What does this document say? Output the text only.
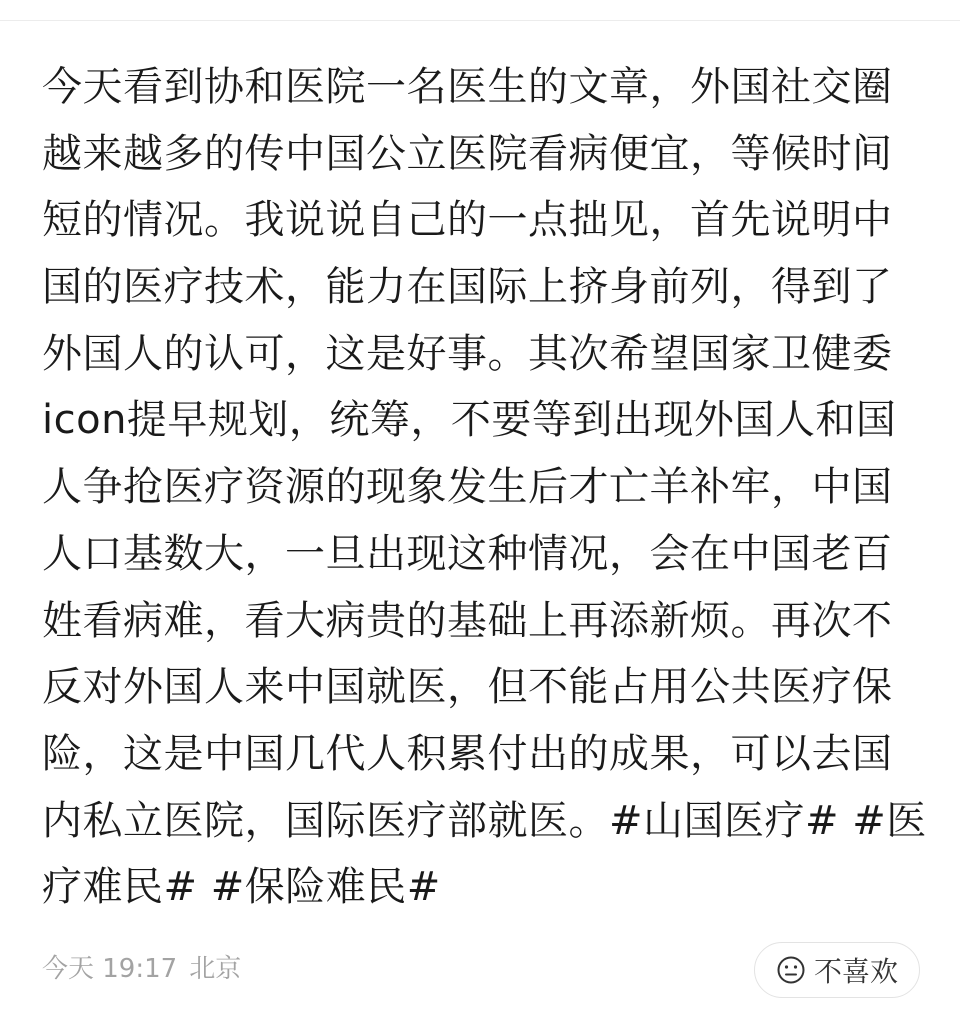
今天看到协和医院一名医生的文章，外国社交圈
越来越多的传中国公立医院看病便宜，等候时间
短的情况。我说说自己的一点拙见，首先说明中
国的医疗技术，能力在国际上挤身前列，得到了
外国人的认可，这是好事。其次希望国家卫健委
icon提早规划，统筹，不要等到出现外国人和国
人争抢医疗资源的现象发生后才亡羊补牢，中国
人口基数大，一旦出现这种情况，会在中国老百
姓看病难，看大病贵的基础上再添新烦。再次不
反对外国人来中国就医，但不能占用公共医疗保
险，这是中国几代人积累付出的成果，可以去国
内私立医院，国际医疗部就医。#山国医疗# #医
疗难民# #保险难民#
今天 19:17 北京	不喜欢
